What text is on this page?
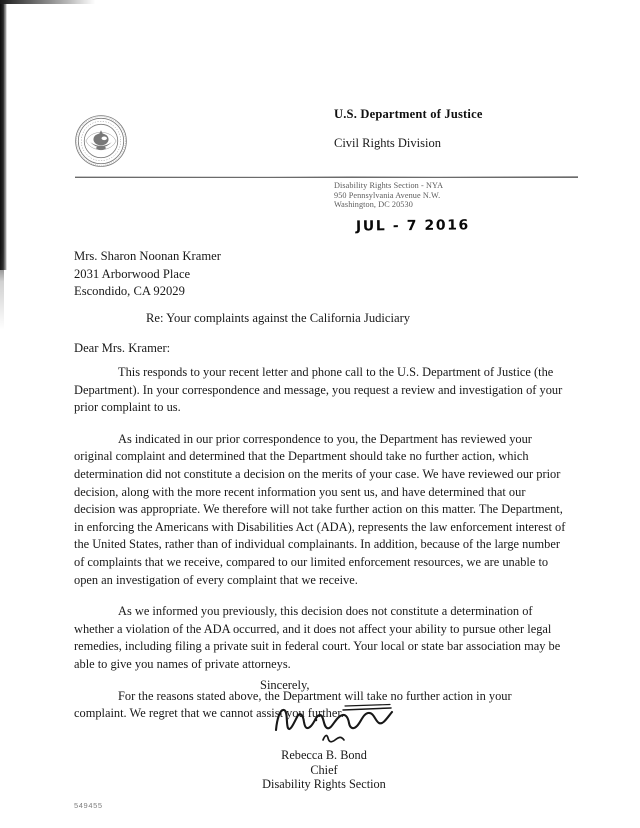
U.S. Department of Justice
Civil Rights Division
Disability Rights Section - NYA
950 Pennsylvania Avenue N.W.
Washington, DC 20530
JUL - 7 2016
Mrs. Sharon Noonan Kramer
2031 Arborwood Place
Escondido, CA 92029
Re: Your complaints against the California Judiciary
Dear Mrs. Kramer:

This responds to your recent letter and phone call to the U.S. Department of Justice (the Department). In your correspondence and message, you request a review and investigation of your prior complaint to us.

As indicated in our prior correspondence to you, the Department has reviewed your original complaint and determined that the Department should take no further action, which determination did not constitute a decision on the merits of your case. We have reviewed our prior decision, along with the more recent information you sent us, and have determined that our decision was appropriate. We therefore will not take further action on this matter. The Department, in enforcing the Americans with Disabilities Act (ADA), represents the law enforcement interest of the United States, rather than of individual complainants. In addition, because of the large number of complaints that we receive, compared to our limited enforcement resources, we are unable to open an investigation of every complaint that we receive.

As we informed you previously, this decision does not constitute a determination of whether a violation of the ADA occurred, and it does not affect your ability to pursue other legal remedies, including filing a private suit in federal court. Your local or state bar association may be able to give you names of private attorneys.

For the reasons stated above, the Department will take no further action in your complaint. We regret that we cannot assist you further.

Sincerely,
Rebecca B. Bond
Chief
Disability Rights Section
549455
